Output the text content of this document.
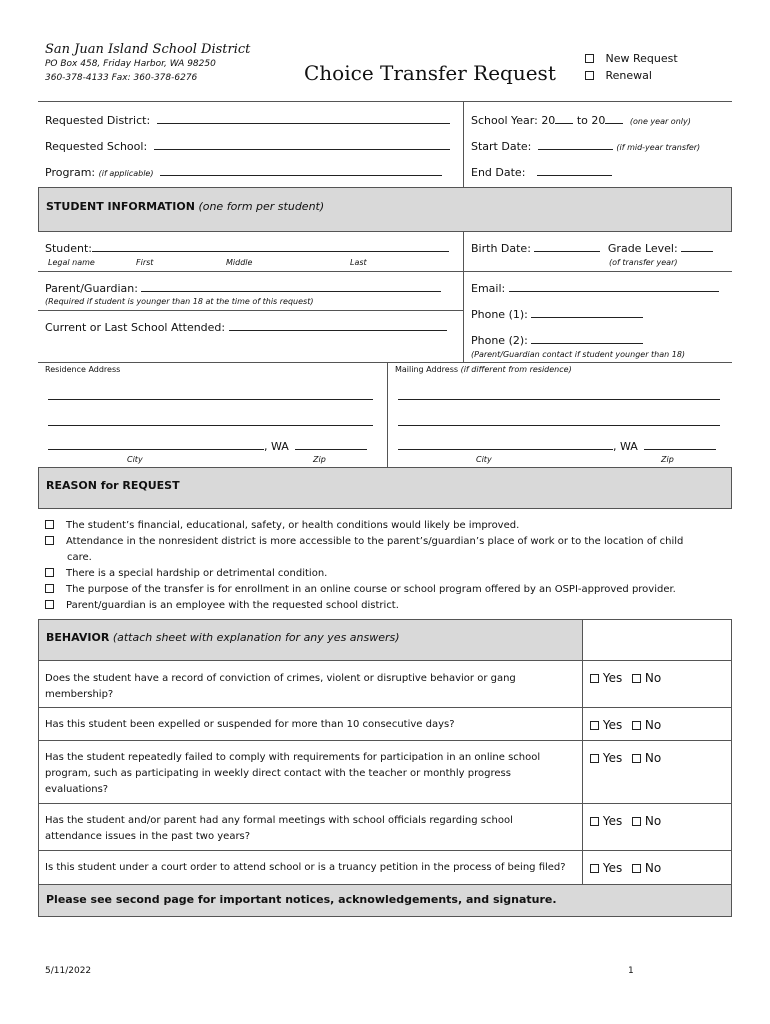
San Juan Island School District
PO Box 458, Friday Harbor, WA 98250
360-378-4133 Fax: 360-378-6276	Choice Transfer Request
New Request
Renewal
Requested District:
Requested School:
Program: (if applicable)
School Year: 20 to 20	(one year only)
Start Date:	(if mid-year transfer)
End Date:
STUDENT INFORMATION (one form per student)
Student:
Legal name	First	Middle	Last
Birth Date:	Grade Level:
(of transfer year)
Parent/Guardian:
(Required if student is younger than 18 at the time of this request)
Current or Last School Attended:
Email:
Phone (1):
Phone (2):
(Parent/Guardian contact if student younger than 18)
Residence Address	Mailing Address (if different from residence)
, WA
City	Zip
, WA
City	Zip
REASON for REQUEST
The student’s financial, educational, safety, or health conditions would likely be improved.
Attendance in the nonresident district is more accessible to the parent’s/guardian’s place of work or to the location of child
care.
There is a special hardship or detrimental condition.
The purpose of the transfer is for enrollment in an online course or school program offered by an OSPI-approved provider.
Parent/guardian is an employee with the requested school district.
BEHAVIOR (attach sheet with explanation for any yes answers)
Does the student have a record of conviction of crimes, violent or disruptive behavior or gang
membership?
Yes No
Has this student been expelled or suspended for more than 10 consecutive days?	Yes No
Has the student repeatedly failed to comply with requirements for participation in an online school
program, such as participating in weekly direct contact with the teacher or monthly progress
evaluations?
Yes No
Has the student and/or parent had any formal meetings with school officials regarding school
attendance issues in the past two years?
Yes No
Is this student under a court order to attend school or is a truancy petition in the process of being filed?	Yes No
Please see second page for important notices, acknowledgements, and signature.
5/11/2022	1
